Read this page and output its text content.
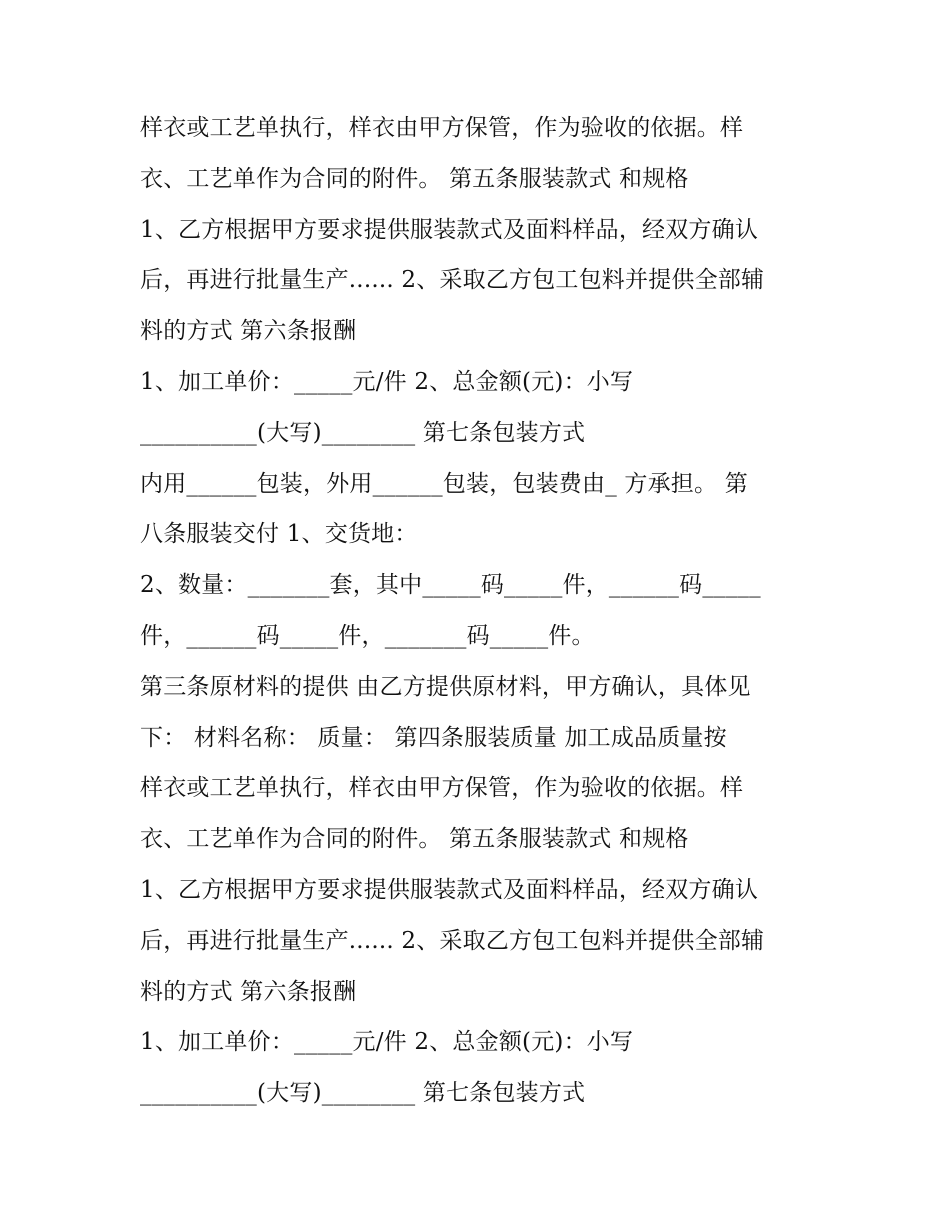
样衣或工艺单执行，样衣由甲方保管，作为验收的依据。样
衣、工艺单作为合同的附件。 第五条服装款式 和规格
1、乙方根据甲方要求提供服装款式及面料样品，经双方确认
后，再进行批量生产...... 2、采取乙方包工包料并提供全部辅
料的方式 第六条报酬
1、加工单价：_____元/件 2、总金额(元)：小写
__________(大写)________ 第七条包装方式
内用______包装，外用______包装，包装费由_ 方承担。 第
八条服装交付 1、交货地：
2、数量：_______套，其中_____码_____件，______码_____
件，______码_____件，_______码_____件。
第三条原材料的提供 由乙方提供原材料，甲方确认，具体见
下： 材料名称： 质量： 第四条服装质量 加工成品质量按
样衣或工艺单执行，样衣由甲方保管，作为验收的依据。样
衣、工艺单作为合同的附件。 第五条服装款式 和规格
1、乙方根据甲方要求提供服装款式及面料样品，经双方确认
后，再进行批量生产...... 2、采取乙方包工包料并提供全部辅
料的方式 第六条报酬
1、加工单价：_____元/件 2、总金额(元)：小写
__________(大写)________ 第七条包装方式
